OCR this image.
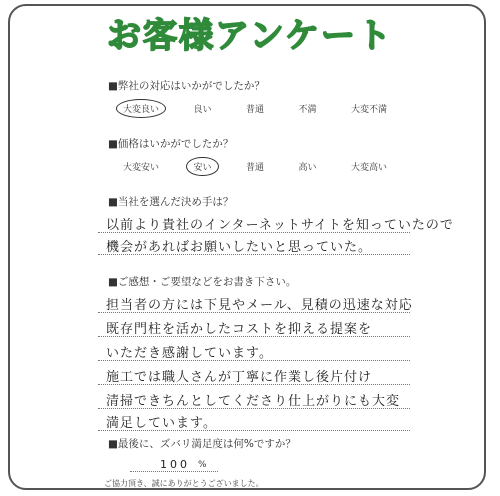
お客様アンケート
■弊社の対応はいかがでしたか？
大変良い	良い	普通	不満	大変不満
■価格はいかがでしたか？
大変安い	安い	普通	高い	大変高い
■当社を選んだ決め手は？
以前より貴社のインターネットサイトを知っていたので
機会があればお願いしたいと思っていた。
■ご感想・ご要望などをお書き下さい。
担当者の方には下見やメール、見積の迅速な対応
既存門柱を活かしたコストを抑える提案を
いただき感謝しています。
施工では職人さんが丁寧に作業し後片付け
清掃できちんとしてくださり仕上がりにも大変
満足しています。
■最後に、ズバリ満足度は何%ですか？
100 %
ご協力頂き、誠にありがとうございました。
